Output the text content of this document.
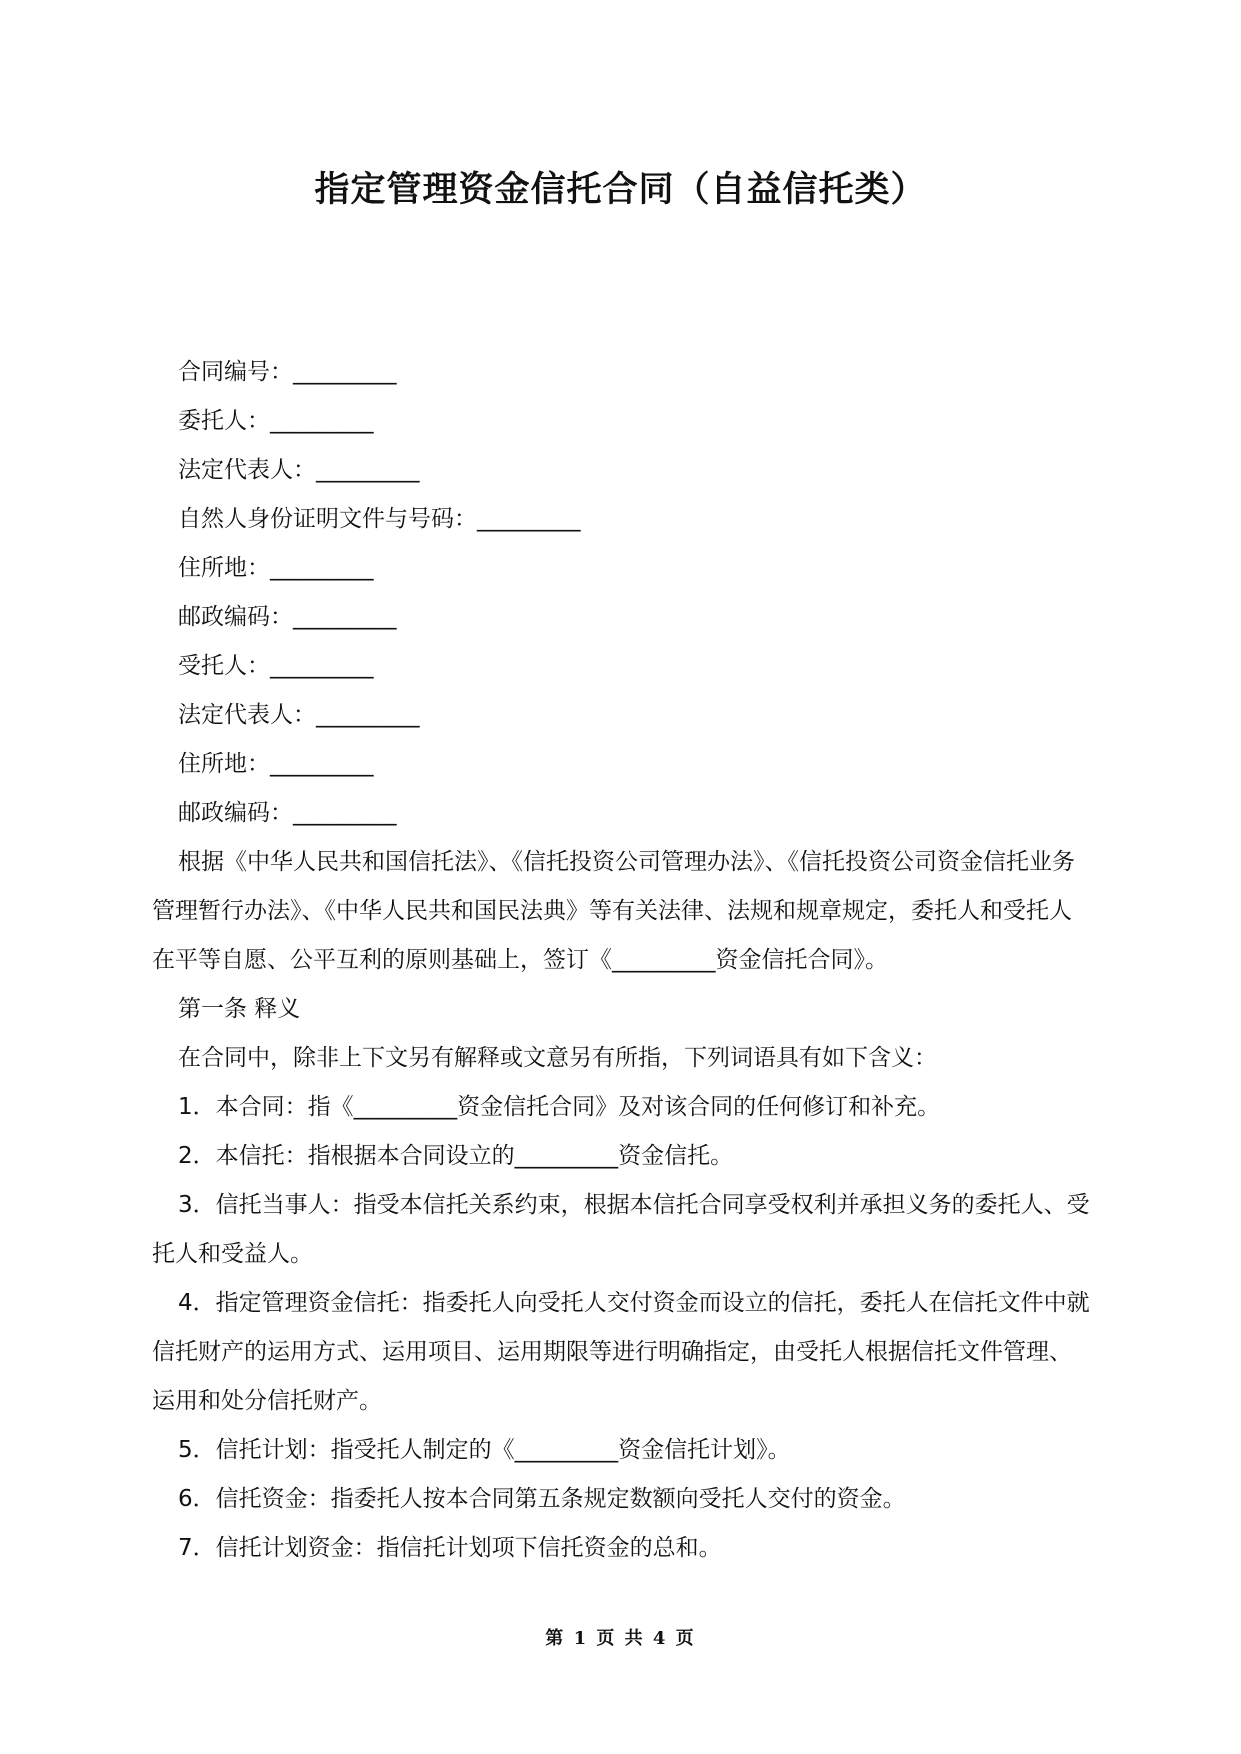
指定管理资金信托合同（自益信托类）

合同编号：_________

委托人：_________

法定代表人：_________

自然人身份证明文件与号码：_________

住所地：_________

邮政编码：_________

受托人：_________

法定代表人：_________

住所地：_________

邮政编码：_________

根据《中华人民共和国信托法》、《信托投资公司管理办法》、《信托投资公司资金信托业务管理暂行办法》、《中华人民共和国民法典》等有关法律、法规和规章规定，委托人和受托人在平等自愿、公平互利的原则基础上，签订《_________资金信托合同》。

第一条 释义

在合同中，除非上下文另有解释或文意另有所指，下列词语具有如下含义：

1．本合同：指《_________资金信托合同》及对该合同的任何修订和补充。

2．本信托：指根据本合同设立的_________资金信托。

3．信托当事人：指受本信托关系约束，根据本信托合同享受权利并承担义务的委托人、受托人和受益人。

4．指定管理资金信托：指委托人向受托人交付资金而设立的信托，委托人在信托文件中就信托财产的运用方式、运用项目、运用期限等进行明确指定，由受托人根据信托文件管理、运用和处分信托财产。

5．信托计划：指受托人制定的《_________资金信托计划》。

6．信托资金：指委托人按本合同第五条规定数额向受托人交付的资金。

7．信托计划资金：指信托计划项下信托资金的总和。

第 1 页 共 4 页
